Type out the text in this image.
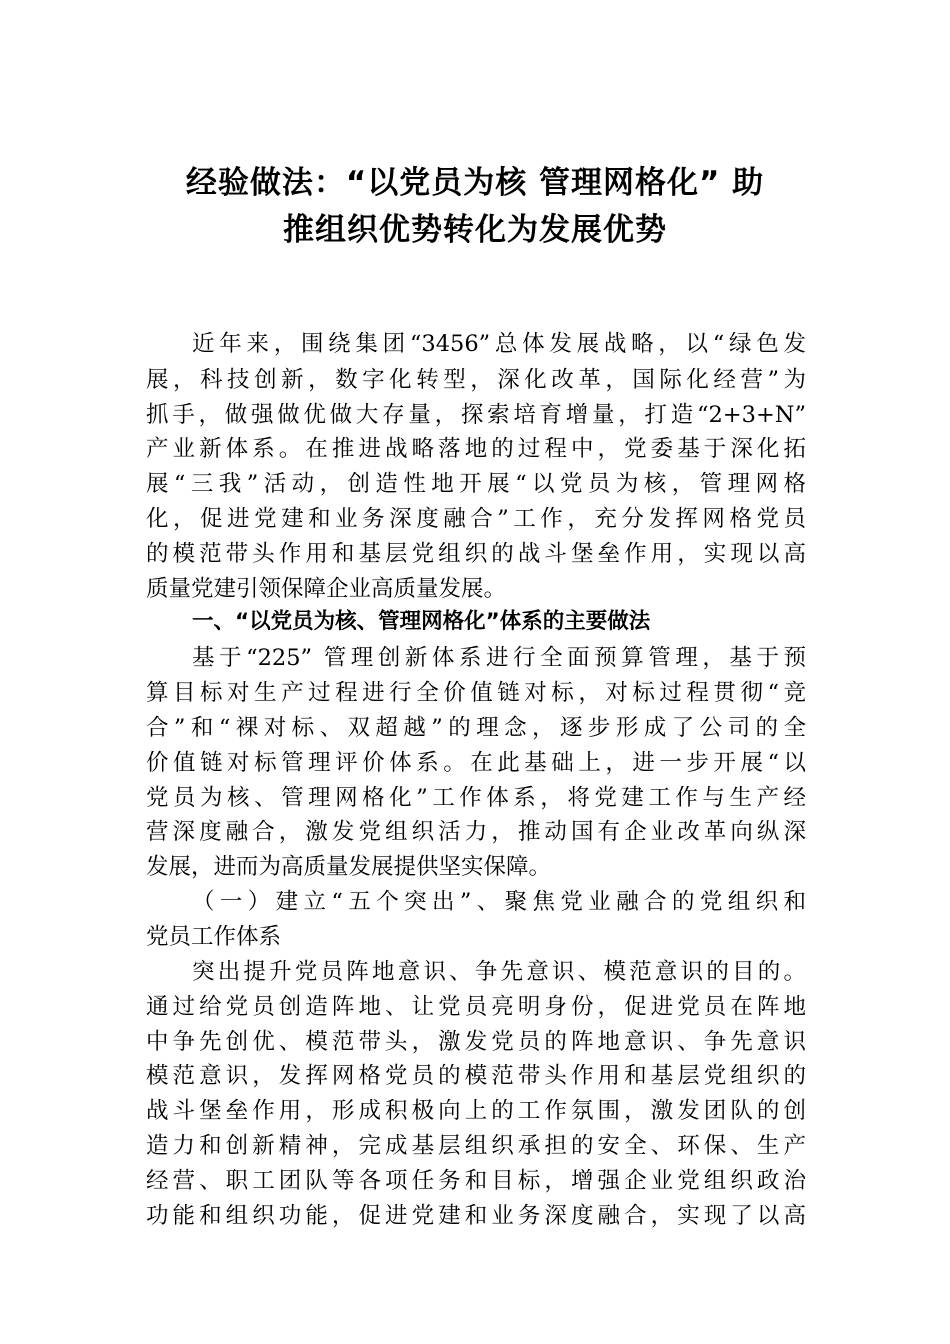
经验做法：“以党员为核 管理网格化” 助
推组织优势转化为发展优势
近年来，围绕集团“3456”总体发展战略，以“绿色发
展，科技创新，数字化转型，深化改革，国际化经营”为
抓手，做强做优做大存量，探索培育增量，打造“2+3+N”
产业新体系。在推进战略落地的过程中，党委基于深化拓
展“三我”活动，创造性地开展“以党员为核，管理网格
化，促进党建和业务深度融合”工作，充分发挥网格党员
的模范带头作用和基层党组织的战斗堡垒作用，实现以高
质量党建引领保障企业高质量发展。
一、“以党员为核、管理网格化”体系的主要做法
基于“225” 管理创新体系进行全面预算管理，基于预
算目标对生产过程进行全价值链对标，对标过程贯彻“竞
合”和“裸对标、双超越”的理念，逐步形成了公司的全
价值链对标管理评价体系。在此基础上，进一步开展“以
党员为核、管理网格化”工作体系，将党建工作与生产经
营深度融合，激发党组织活力，推动国有企业改革向纵深
发展，进而为高质量发展提供坚实保障。
（一）建立“五个突出”、聚焦党业融合的党组织和
党员工作体系
突出提升党员阵地意识、争先意识、模范意识的目的。
通过给党员创造阵地、让党员亮明身份，促进党员在阵地
中争先创优、模范带头，激发党员的阵地意识、争先意识
模范意识，发挥网格党员的模范带头作用和基层党组织的
战斗堡垒作用，形成积极向上的工作氛围，激发团队的创
造力和创新精神，完成基层组织承担的安全、环保、生产
经营、职工团队等各项任务和目标，增强企业党组织政治
功能和组织功能，促进党建和业务深度融合，实现了以高
